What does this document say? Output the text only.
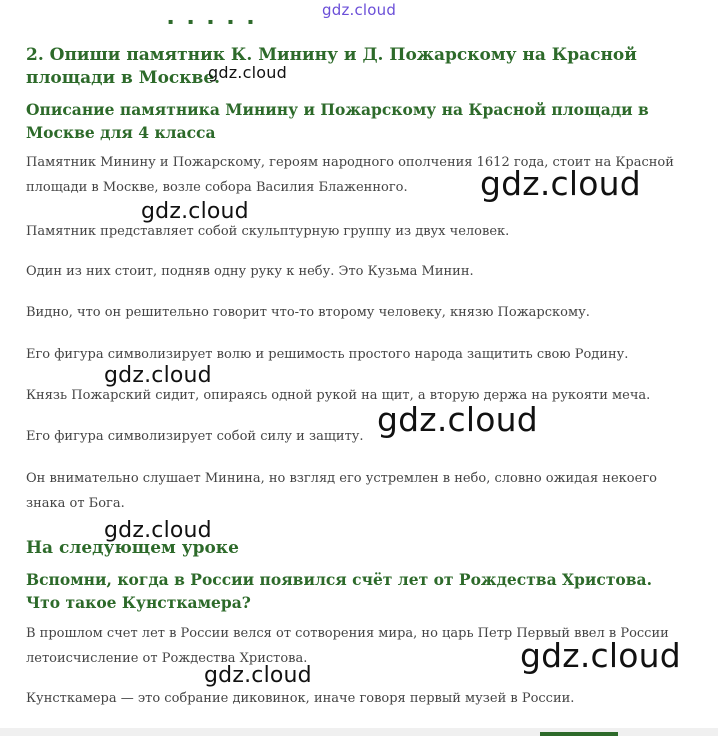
▪ ▪ ▪ ▪ ▪
2. Опиши памятник К. Минину и Д. Пожарскому на Красной площади в Москве.
Описание памятника Минину и Пожарскому на Красной площади в Москве для 4 класса

Памятник Минину и Пожарскому, героям народного ополчения 1612 года, стоит на Красной площади в Москве, возле собора Василия Блаженного.

Памятник представляет собой скульптурную группу из двух человек.

Один из них стоит, подняв одну руку к небу. Это Кузьма Минин.

Видно, что он решительно говорит что-то второму человеку, князю Пожарскому.

Его фигура символизирует волю и решимость простого народа защитить свою Родину.

Князь Пожарский сидит, опираясь одной рукой на щит, а вторую держа на рукояти меча.

Его фигура символизирует собой силу и защиту.

Он внимательно слушает Минина, но взгляд его устремлен в небо, словно ожидая некоего знака от Бога.

На следующем уроке
Вспомни, когда в России появился счёт лет от Рождества Христова. Что такое Кунсткамера?

В прошлом счет лет в России велся от сотворения мира, но царь Петр Первый ввел в России летоисчисление от Рождества Христова.

Кунсткамера — это собрание диковинок, иначе говоря первый музей в России.

gdz.cloud
gdz.cloud
gdz.cloud
gdz.cloud
gdz.cloud
gdz.cloud
gdz.cloud
gdz.cloud
gdz.cloud
